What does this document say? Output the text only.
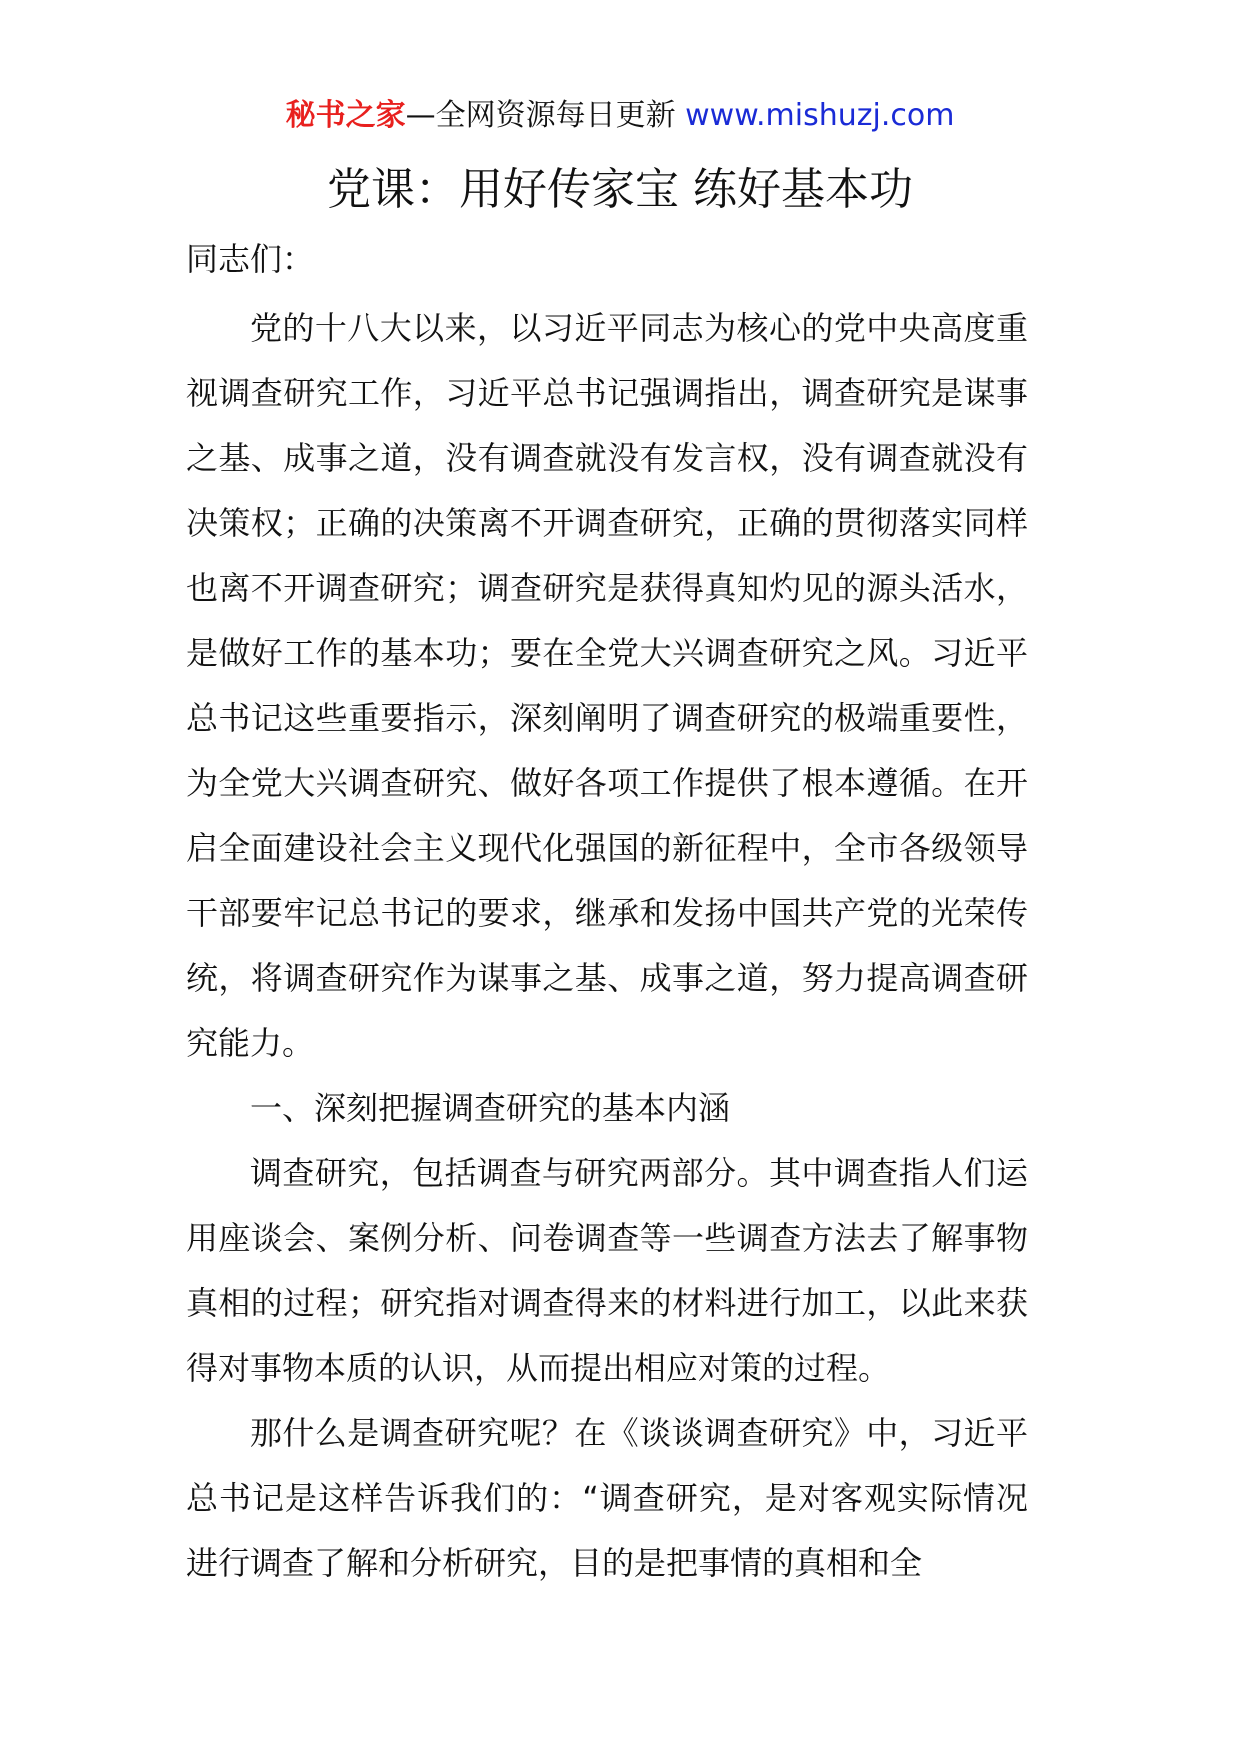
秘书之家—全网资源每日更新 www.mishuzj.com
党课：用好传家宝 练好基本功

同志们：

党的十八大以来，以习近平同志为核心的党中央高度重视调查研究工作，习近平总书记强调指出，调查研究是谋事之基、成事之道，没有调查就没有发言权，没有调查就没有决策权；正确的决策离不开调查研究，正确的贯彻落实同样也离不开调查研究；调查研究是获得真知灼见的源头活水，是做好工作的基本功；要在全党大兴调查研究之风。习近平总书记这些重要指示，深刻阐明了调查研究的极端重要性，为全党大兴调查研究、做好各项工作提供了根本遵循。在开启全面建设社会主义现代化强国的新征程中，全市各级领导干部要牢记总书记的要求，继承和发扬中国共产党的光荣传统，将调查研究作为谋事之基、成事之道，努力提高调查研究能力。

一、深刻把握调查研究的基本内涵

调查研究，包括调查与研究两部分。其中调查指人们运用座谈会、案例分析、问卷调查等一些调查方法去了解事物真相的过程；研究指对调查得来的材料进行加工，以此来获得对事物本质的认识，从而提出相应对策的过程。

那什么是调查研究呢？在《谈谈调查研究》中，习近平总书记是这样告诉我们的：“调查研究，是对客观实际情况进行调查了解和分析研究，目的是把事情的真相和全
